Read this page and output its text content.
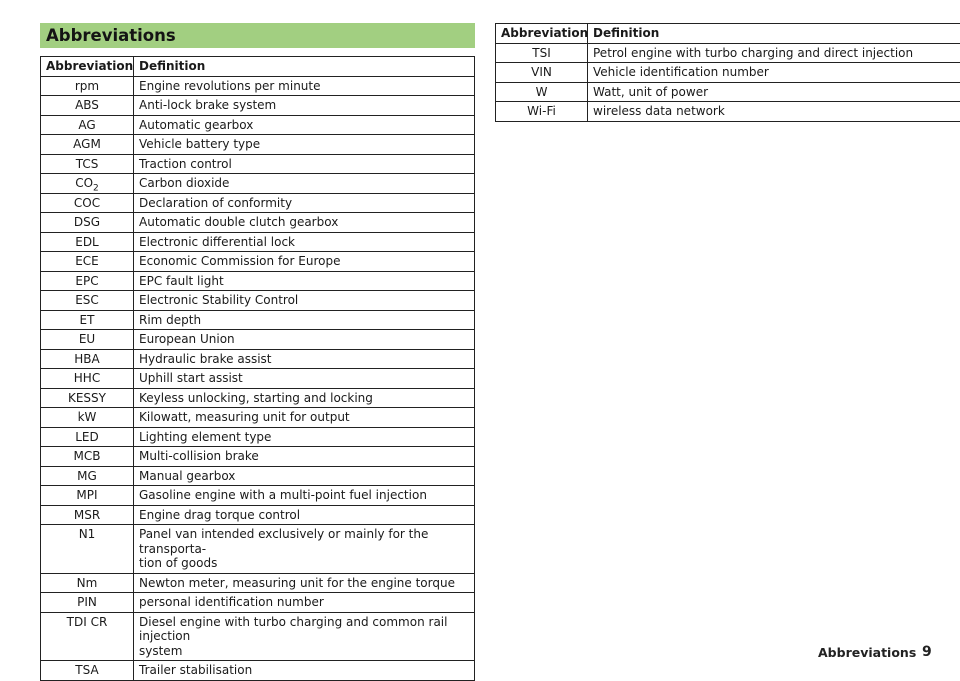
Abbreviations
Abbreviation	Definition
rpm	Engine revolutions per minute
ABS	Anti-lock brake system
AG	Automatic gearbox
AGM	Vehicle battery type
TCS	Traction control
$CO_2$	Carbon dioxide
COC	Declaration of conformity
DSG	Automatic double clutch gearbox
EDL	Electronic differential lock
ECE	Economic Commission for Europe
EPC	EPC fault light
ESC	Electronic Stability Control
ET	Rim depth
EU	European Union
HBA	Hydraulic brake assist
HHC	Uphill start assist
KESSY	Keyless unlocking, starting and locking
kW	Kilowatt, measuring unit for output
LED	Lighting element type
MCB	Multi-collision brake
MG	Manual gearbox
MPI	Gasoline engine with a multi-point fuel injection
MSR	Engine drag torque control
N1	Panel van intended exclusively or mainly for the transporta-
tion of goods
Nm	Newton meter, measuring unit for the engine torque
PIN	personal identification number
TDI CR	Diesel engine with turbo charging and common rail injection
system
TSA	Trailer stabilisation
Abbreviation	Definition
TSI	Petrol engine with turbo charging and direct injection
VIN	Vehicle identification number
W	Watt, unit of power
Wi-Fi	wireless data network
Abbreviations 9
